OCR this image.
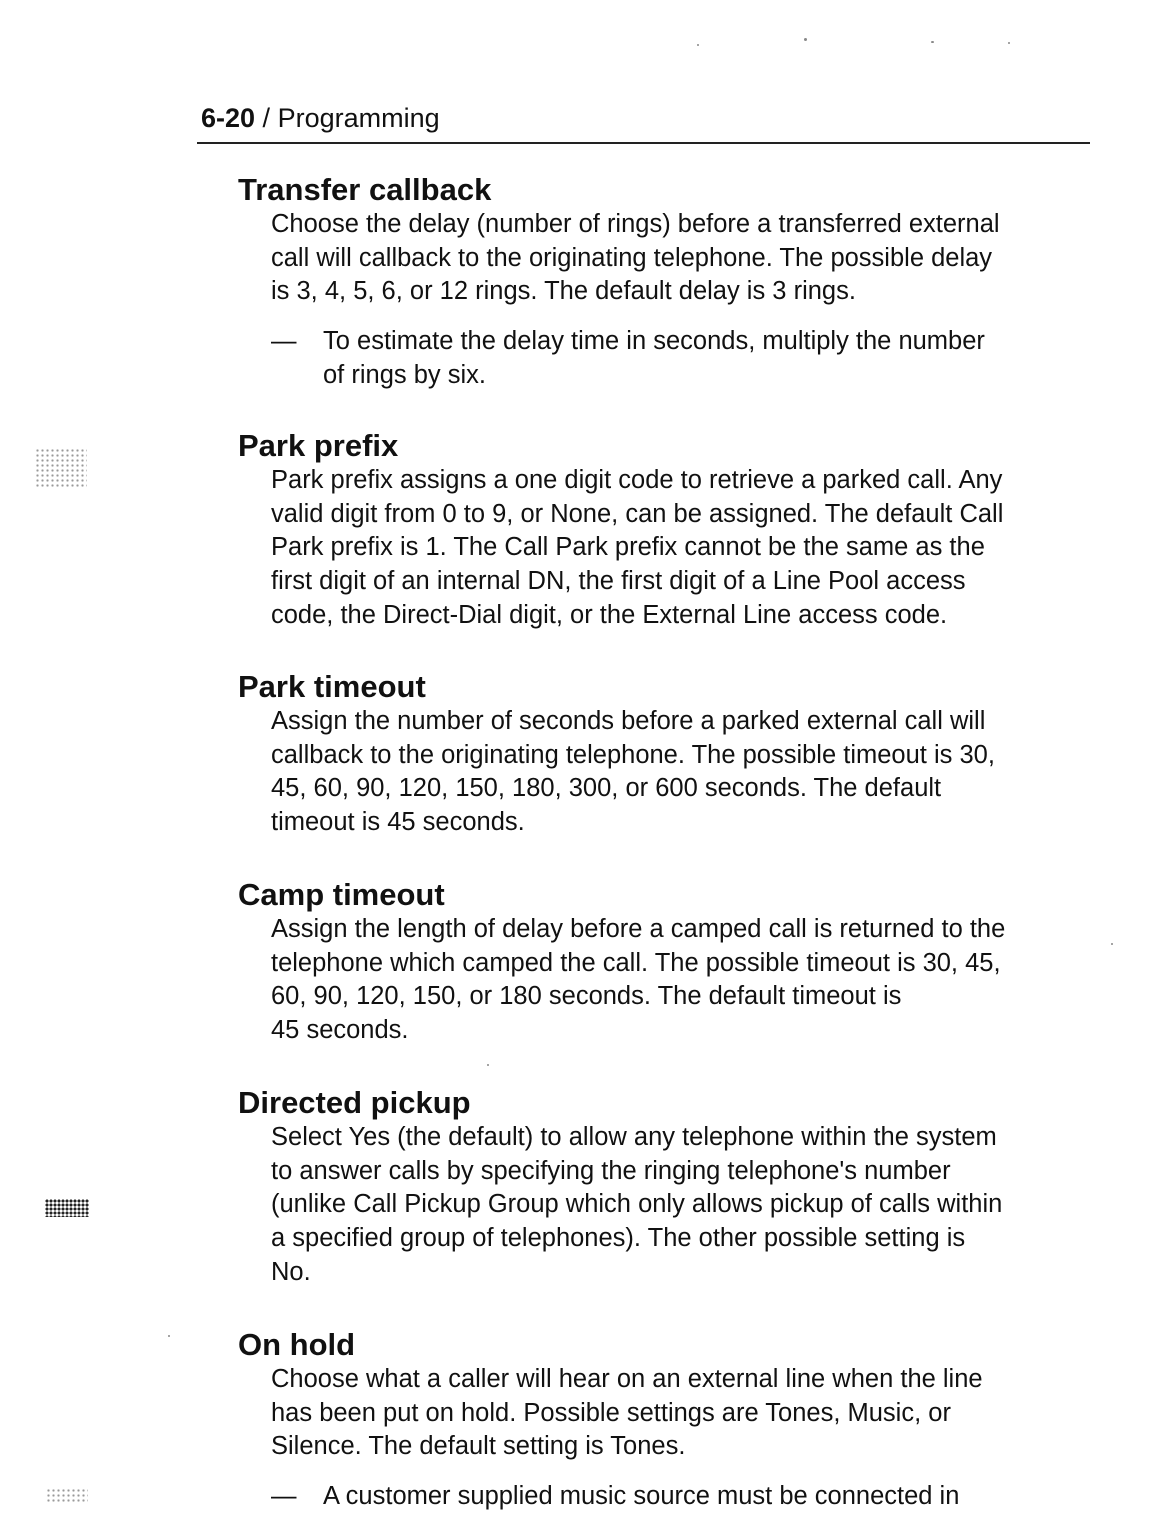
6-20 / Programming
Transfer callback
Choose the delay (number of rings) before a transferred external
call will callback to the originating telephone. The possible delay
is 3, 4, 5, 6, or 12 rings. The default delay is 3 rings.
— To estimate the delay time in seconds, multiply the number
of rings by six.
Park prefix
Park prefix assigns a one digit code to retrieve a parked call. Any
valid digit from 0 to 9, or None, can be assigned. The default Call
Park prefix is 1. The Call Park prefix cannot be the same as the
first digit of an internal DN, the first digit of a Line Pool access
code, the Direct-Dial digit, or the External Line access code.
Park timeout
Assign the number of seconds before a parked external call will
callback to the originating telephone. The possible timeout is 30,
45, 60, 90, 120, 150, 180, 300, or 600 seconds. The default
timeout is 45 seconds.
Camp timeout
Assign the length of delay before a camped call is returned to the
telephone which camped the call. The possible timeout is 30, 45,
60, 90, 120, 150, or 180 seconds. The default timeout is
45 seconds.
Directed pickup
Select Yes (the default) to allow any telephone within the system
to answer calls by specifying the ringing telephone's number
(unlike Call Pickup Group which only allows pickup of calls within
a specified group of telephones). The other possible setting is
No.
On hold
Choose what a caller will hear on an external line when the line
has been put on hold. Possible settings are Tones, Music, or
Silence. The default setting is Tones.
— A customer supplied music source must be connected in
